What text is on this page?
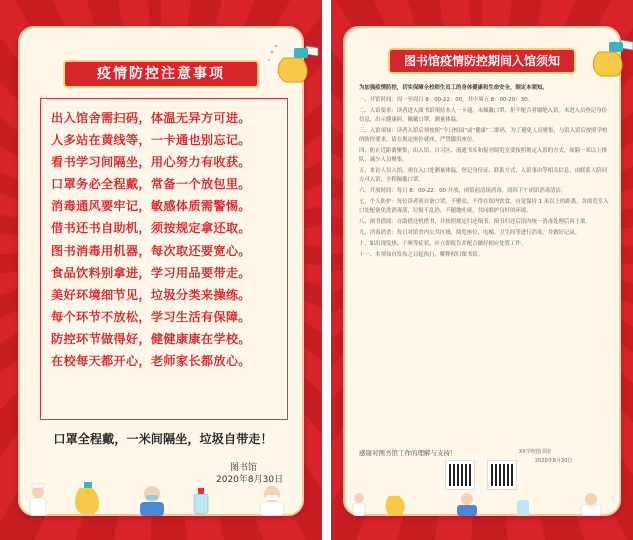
疫情防控注意事项
出入馆舍需扫码，体温无异方可进。
人多站在黄线等，一卡通也别忘记。
看书学习间隔坐，用心努力有收获。
口罩务必全程戴，常备一个放包里。
消毒通风要牢记，敏感体质需警惕。
借书还书自助机，须按规定拿还取。
图书消毒用机器，每次取还要宽心。
食品饮料别拿进，学习用品要带走。
美好环境细节见，垃圾分类来操练。
每个环节不放松，学习生活有保障。
防控环节做得好，健健康康在学校。
在校每天都开心，老师家长都放心。
口罩全程戴，一米间隔坐，垃圾自带走！
图书馆
2020年8月30日
图书馆疫情防控期间入馆须知

为加强疫情防控，切实保障全校师生员工的身体健康和生命安全，制定本须知。

一、开馆时间：周一至周日 8：00-22：00，其中周五 8：00-20：30。

二、入馆要求：读者进入图书馆须持本人一卡通，未佩戴口罩、拒不配合者谢绝入馆。未进入员登记身份信息，出示健康码，佩戴口罩，测量体温。

三、入馆须知：读者入馆后须按照“今日校园”或“健康”二维码，为了避免人员聚集，与馆入馆后按照学校的防控要求，请在规定座位就座，严禁挪用座位。

四、防止近距离聚集，出入馆、自习区、流通书库和报刊阅览室要按照规定入馆的方式，间隔一米以上排队，减少人员聚集。

五、来访人员入馆，须在入口处测量体温，登记身份证、联系方式，入馆事由等相关信息，由联系人陪同方可入馆，全程佩戴口罩。

六、开放时间：每日 8：00-22：00 开放，闭馆前清场消毒。周四下午闭馆消毒清洁。

七、个人防护：每位读者须自备口罩，不聚众，不得在馆内饮食，自觉保持 1 米以上的距离，各阅览室入口处配备免洗消毒液，垃圾不乱扔，不随地吐痰，共同维护良好的环境。

八、图书借阅：自助借还机借书，并按照规定归还图书，图书归还后馆内统一消毒处理后再上架。

九、消毒消杀：每日对馆舍内公共区域、阅览座位、电梯、卫生间等进行消毒，并做好记录。

十、如出现发热、干咳等症状，应立即报告并配合做好相应处置工作。

十一、本须知自发布之日起执行，解释权归图书馆。

感谢对图书馆工作的理解与支持！	XX学校图书馆
2020年8月30日
